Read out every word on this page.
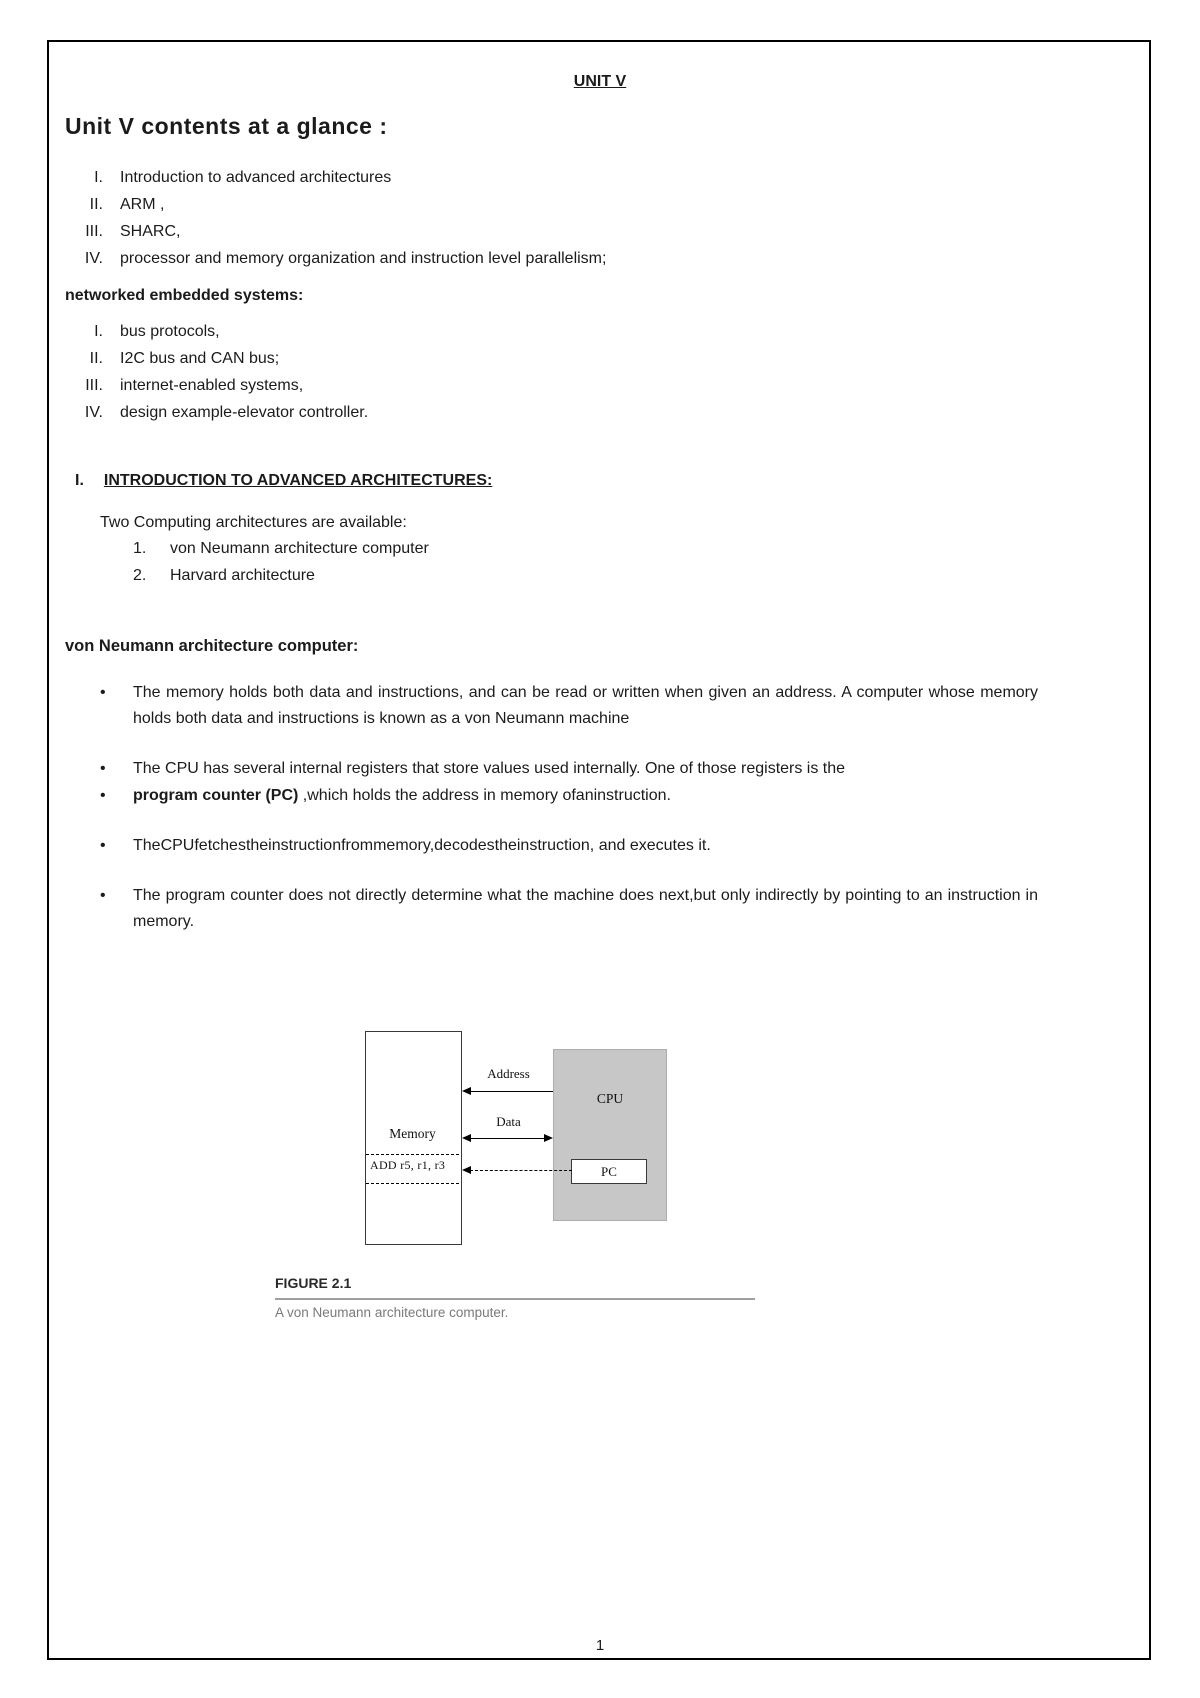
UNIT V
Unit V contents at a glance :
I. Introduction to advanced architectures
II. ARM ,
III. SHARC,
IV. processor and memory organization and instruction level parallelism;
networked embedded systems:
I. bus protocols,
II. I2C bus and CAN bus;
III. internet-enabled systems,
IV. design example-elevator controller.
I. INTRODUCTION TO ADVANCED ARCHITECTURES:
Two Computing architectures are available:
1.	von Neumann architecture computer
2.	Harvard architecture
von Neumann architecture computer:
•	The memory holds both data and instructions, and can be read or written when given an address. A computer whose memory holds both data and instructions is known as a von Neumann machine
•	The CPU has several internal registers that store values used internally. One of those registers is the
•	program counter (PC) ,which holds the address in memory ofaninstruction.
•	TheCPUfetchestheinstructionfrommemory,decodestheinstruction, and executes it.
•	The program counter does not directly determine what the machine does next,but only indirectly by pointing to an instruction in memory.
CPU
PC
Memory
Address
Data
ADD r5, r1, r3
FIGURE 2.1
A von Neumann architecture computer.
1
